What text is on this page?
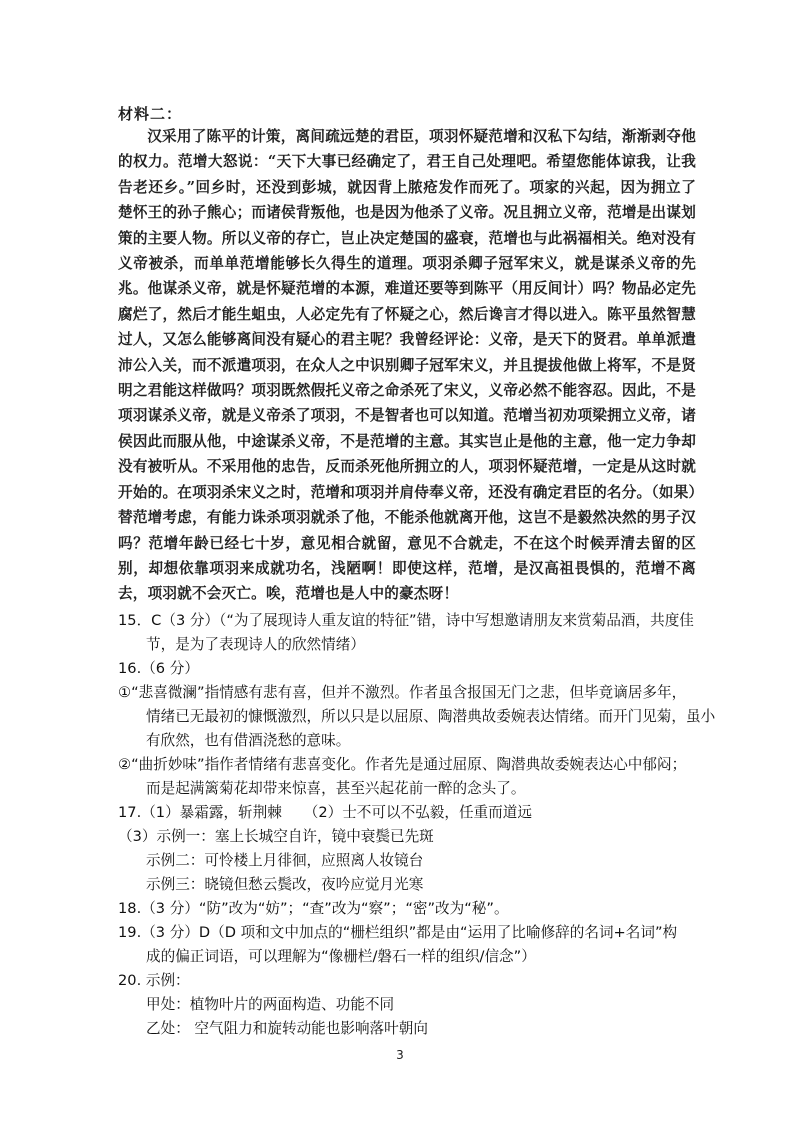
材料二：

汉采用了陈平的计策，离间疏远楚的君臣，项羽怀疑范增和汉私下勾结，渐渐剥夺他的权力。范增大怒说：“天下大事已经确定了，君王自己处理吧。希望您能体谅我，让我告老还乡。”回乡时，还没到彭城，就因背上脓疮发作而死了。项家的兴起，因为拥立了楚怀王的孙子熊心；而诸侯背叛他，也是因为他杀了义帝。况且拥立义帝，范增是出谋划策的主要人物。所以义帝的存亡，岂止决定楚国的盛衰，范增也与此祸福相关。绝对没有义帝被杀，而单单范增能够长久得生的道理。项羽杀卿子冠军宋义，就是谋杀义帝的先兆。他谋杀义帝，就是怀疑范增的本源，难道还要等到陈平（用反间计）吗？物品必定先腐烂了，然后才能生蛆虫，人必定先有了怀疑之心，然后谗言才得以进入。陈平虽然智慧过人，又怎么能够离间没有疑心的君主呢？我曾经评论：义帝，是天下的贤君。单单派遣沛公入关，而不派遣项羽，在众人之中识别卿子冠军宋义，并且提拔他做上将军，不是贤明之君能这样做吗？项羽既然假托义帝之命杀死了宋义，义帝必然不能容忍。因此，不是项羽谋杀义帝，就是义帝杀了项羽，不是智者也可以知道。范增当初劝项梁拥立义帝，诸侯因此而服从他，中途谋杀义帝，不是范增的主意。其实岂止是他的主意，他一定力争却没有被听从。不采用他的忠告，反而杀死他所拥立的人，项羽怀疑范增，一定是从这时就开始的。在项羽杀宋义之时，范增和项羽并肩侍奉义帝，还没有确定君臣的名分。（如果）替范增考虑，有能力诛杀项羽就杀了他，不能杀他就离开他，这岂不是毅然决然的男子汉吗？范增年龄已经七十岁，意见相合就留，意见不合就走，不在这个时候弄清去留的区别，却想依靠项羽来成就功名，浅陋啊！即使这样，范增，是汉高祖畏惧的，范增不离去，项羽就不会灭亡。唉，范增也是人中的豪杰呀！

15．C（3 分）（“为了展现诗人重友谊的特征”错，诗中写想邀请朋友来赏菊品酒，共度佳
节，是为了表现诗人的欣然情绪）
16.（6 分）
①“悲喜微澜”指情感有悲有喜，但并不激烈。作者虽含报国无门之悲，但毕竟谪居多年，
情绪已无最初的慷慨激烈，所以只是以屈原、陶潜典故委婉表达情绪。而开门见菊，虽小
有欣然，也有借酒浇愁的意味。
②“曲折妙味”指作者情绪有悲喜变化。作者先是通过屈原、陶潜典故委婉表达心中郁闷；
而是起满篱菊花却带来惊喜，甚至兴起花前一醉的念头了。
17.（1）暴霜露，斩荆棘　　（2）士不可以不弘毅，任重而道远
（3）示例一：塞上长城空自许，镜中衰鬓已先斑
示例二：可怜楼上月徘徊，应照离人妆镜台
示例三：晓镜但愁云鬓改，夜吟应觉月光寒
18.（3 分）“防”改为“妨”；“查”改为“察”；“密”改为“秘”。
19.（3 分）D（D 项和文中加点的“栅栏组织”都是由“运用了比喻修辞的名词+名词”构
成的偏正词语，可以理解为“像栅栏/磐石一样的组织/信念”）
20. 示例：
甲处：植物叶片的两面构造、功能不同
乙处： 空气阻力和旋转动能也影响落叶朝向
3
